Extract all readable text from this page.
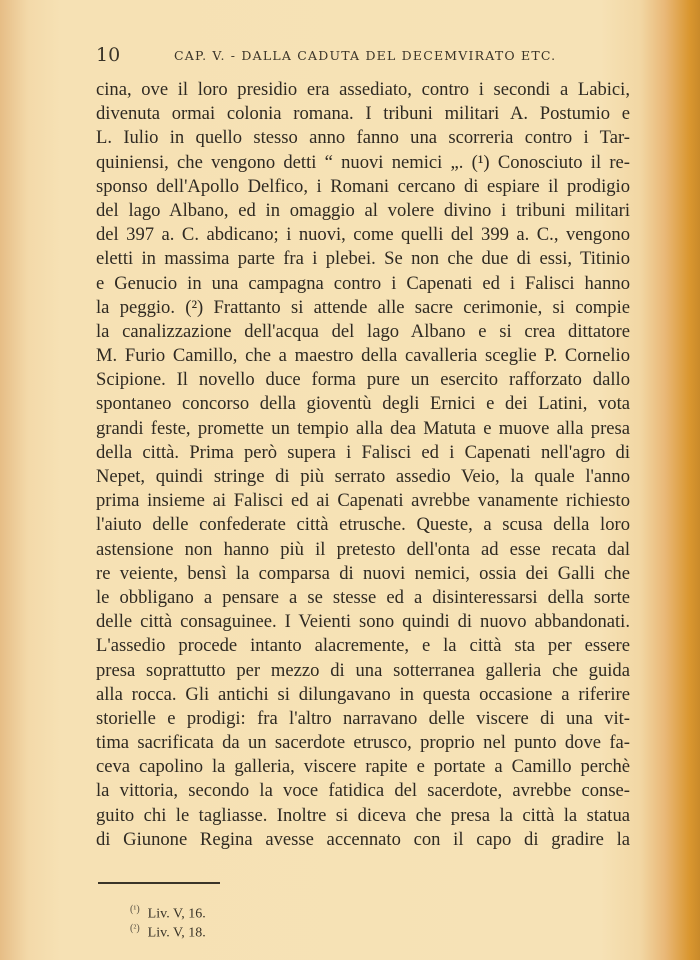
10	CAP. V. - DALLA CADUTA DEL DECEMVIRATO ETC.
cina, ove il loro presidio era assediato, contro i secondi a Labici,
divenuta ormai colonia romana. I tribuni militari A. Postumio e
L. Iulio in quello stesso anno fanno una scorreria contro i Tar-
quiniensi, che vengono detti “ nuovi nemici „. (¹) Conosciuto il re-
sponso dell'Apollo Delfico, i Romani cercano di espiare il prodigio
del lago Albano, ed in omaggio al volere divino i tribuni militari
del 397 a. C. abdicano; i nuovi, come quelli del 399 a. C., vengono
eletti in massima parte fra i plebei. Se non che due di essi, Titinio
e Genucio in una campagna contro i Capenati ed i Falisci hanno
la peggio. (²) Frattanto si attende alle sacre cerimonie, si compie
la canalizzazione dell'acqua del lago Albano e si crea dittatore
M. Furio Camillo, che a maestro della cavalleria sceglie P. Cornelio
Scipione. Il novello duce forma pure un esercito rafforzato dallo
spontaneo concorso della gioventù degli Ernici e dei Latini, vota
grandi feste, promette un tempio alla dea Matuta e muove alla presa
della città. Prima però supera i Falisci ed i Capenati nell'agro di
Nepet, quindi stringe di più serrato assedio Veio, la quale l'anno
prima insieme ai Falisci ed ai Capenati avrebbe vanamente richiesto
l'aiuto delle confederate città etrusche. Queste, a scusa della loro
astensione non hanno più il pretesto dell'onta ad esse recata dal
re veiente, bensì la comparsa di nuovi nemici, ossia dei Galli che
le obbligano a pensare a se stesse ed a disinteressarsi della sorte
delle città consaguinee. I Veienti sono quindi di nuovo abbandonati.
L'assedio procede intanto alacremente, e la città sta per essere
presa soprattutto per mezzo di una sotterranea galleria che guida
alla rocca. Gli antichi si dilungavano in questa occasione a riferire
storielle e prodigi: fra l'altro narravano delle viscere di una vit-
tima sacrificata da un sacerdote etrusco, proprio nel punto dove fa-
ceva capolino la galleria, viscere rapite e portate a Camillo perchè
la vittoria, secondo la voce fatidica del sacerdote, avrebbe conse-
guito chi le tagliasse. Inoltre si diceva che presa la città la statua
di Giunone Regina avesse accennato con il capo di gradire la
$^{(^1)}$ Liv. V, 16.
$^{(^2)}$ Liv. V, 18.
